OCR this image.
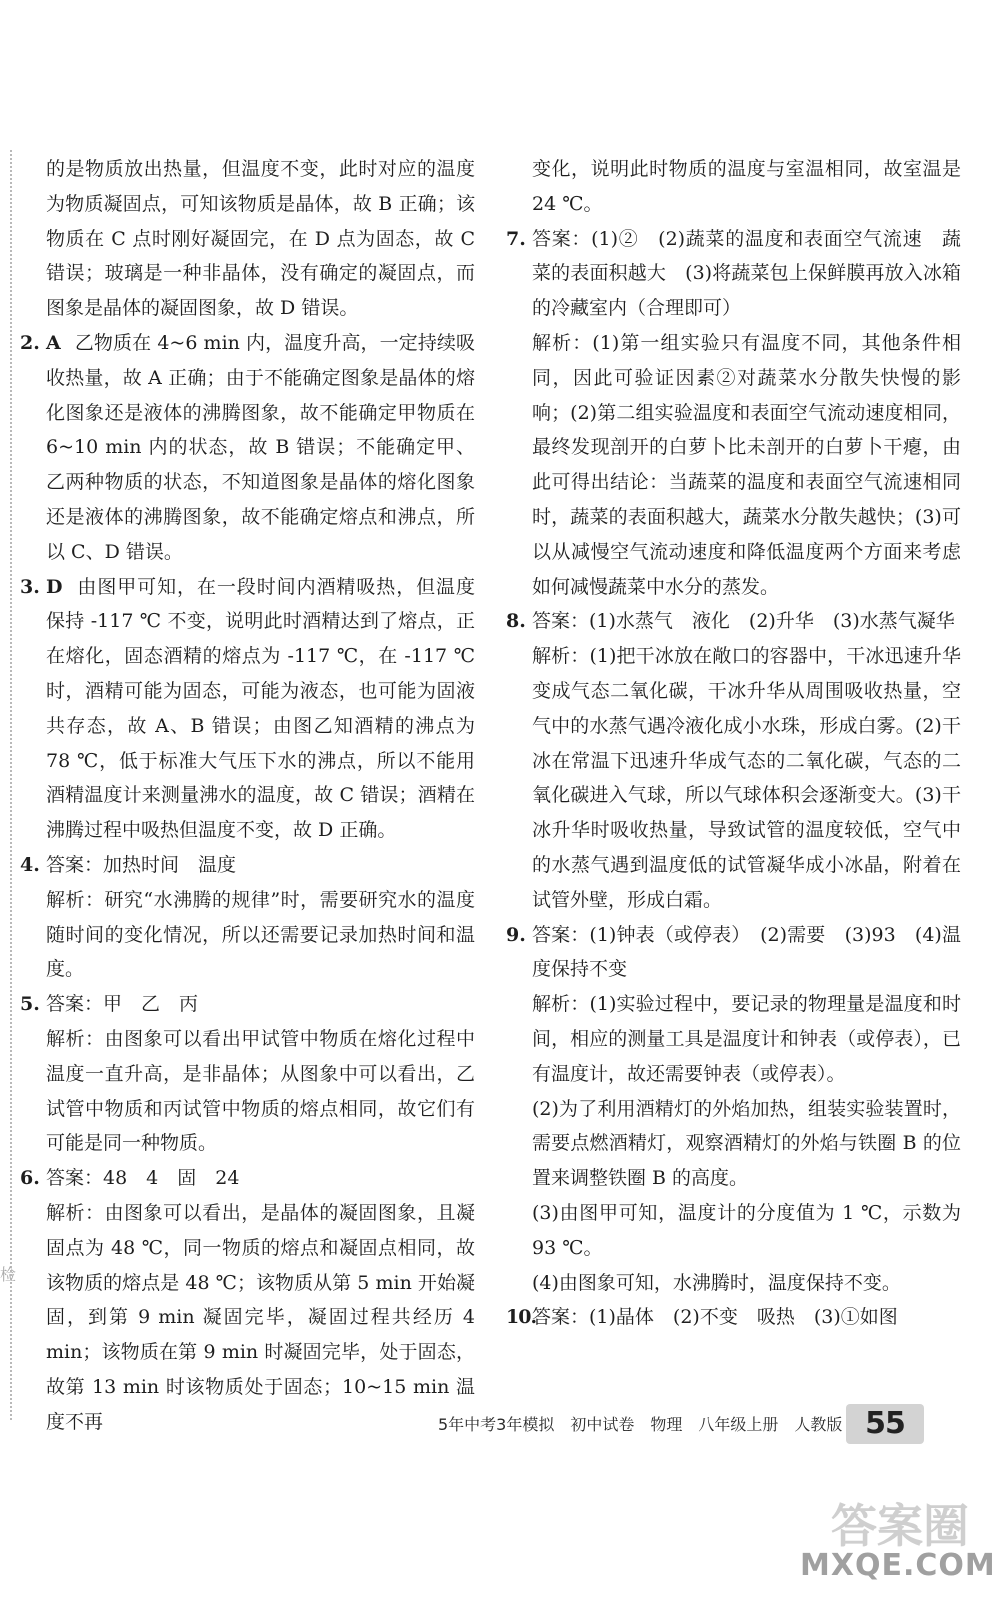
检

的是物质放出热量，但温度不变，此时对应的温度为物质凝固点，可知该物质是晶体，故 B 正确；该物质在 C 点时刚好凝固完，在 D 点为固态，故 C 错误；玻璃是一种非晶体，没有确定的凝固点，而图象是晶体的凝固图象，故 D 错误。

2. A 乙物质在 4~6 min 内，温度升高，一定持续吸收热量，故 A 正确；由于不能确定图象是晶体的熔化图象还是液体的沸腾图象，故不能确定甲物质在 6~10 min 内的状态，故 B 错误；不能确定甲、乙两种物质的状态，不知道图象是晶体的熔化图象还是液体的沸腾图象，故不能确定熔点和沸点，所以 C、D 错误。

3. D 由图甲可知，在一段时间内酒精吸热，但温度保持 -117 ℃ 不变，说明此时酒精达到了熔点，正在熔化，固态酒精的熔点为 -117 ℃，在 -117 ℃ 时，酒精可能为固态，可能为液态，也可能为固液共存态，故 A、B 错误；由图乙知酒精的沸点为 78 ℃，低于标准大气压下水的沸点，所以不能用酒精温度计来测量沸水的温度，故 C 错误；酒精在沸腾过程中吸热但温度不变，故 D 正确。

4. 答案：加热时间　温度

解析：研究“水沸腾的规律”时，需要研究水的温度随时间的变化情况，所以还需要记录加热时间和温度。

5. 答案：甲　乙　丙

解析：由图象可以看出甲试管中物质在熔化过程中温度一直升高，是非晶体；从图象中可以看出，乙试管中物质和丙试管中物质的熔点相同，故它们有可能是同一种物质。

6. 答案：48　4　固　24

解析：由图象可以看出，是晶体的凝固图象，且凝固点为 48 ℃，同一物质的熔点和凝固点相同，故该物质的熔点是 48 ℃；该物质从第 5 min 开始凝固，到第 9 min 凝固完毕，凝固过程共经历 4 min；该物质在第 9 min 时凝固完毕，处于固态，故第 13 min 时该物质处于固态；10~15 min 温度不再

变化，说明此时物质的温度与室温相同，故室温是 24 ℃。

7. 答案：(1)②　(2)蔬菜的温度和表面空气流速　蔬菜的表面积越大　(3)将蔬菜包上保鲜膜再放入冰箱的冷藏室内（合理即可）

解析：(1)第一组实验只有温度不同，其他条件相同，因此可验证因素②对蔬菜水分散失快慢的影响；(2)第二组实验温度和表面空气流动速度相同，最终发现剖开的白萝卜比未剖开的白萝卜干瘪，由此可得出结论：当蔬菜的温度和表面空气流速相同时，蔬菜的表面积越大，蔬菜水分散失越快；(3)可以从减慢空气流动速度和降低温度两个方面来考虑如何减慢蔬菜中水分的蒸发。

8. 答案：(1)水蒸气　液化　(2)升华　(3)水蒸气凝华

解析：(1)把干冰放在敞口的容器中，干冰迅速升华变成气态二氧化碳，干冰升华从周围吸收热量，空气中的水蒸气遇冷液化成小水珠，形成白雾。(2)干冰在常温下迅速升华成气态的二氧化碳，气态的二氧化碳进入气球，所以气球体积会逐渐变大。(3)干冰升华时吸收热量，导致试管的温度较低，空气中的水蒸气遇到温度低的试管凝华成小冰晶，附着在试管外壁，形成白霜。

9. 答案：(1)钟表（或停表）　(2)需要　(3)93　(4)温度保持不变

解析：(1)实验过程中，要记录的物理量是温度和时间，相应的测量工具是温度计和钟表（或停表），已有温度计，故还需要钟表（或停表）。

(2)为了利用酒精灯的外焰加热，组装实验装置时，需要点燃酒精灯，观察酒精灯的外焰与铁圈 B 的位置来调整铁圈 B 的高度。

(3)由图甲可知，温度计的分度值为 1 ℃，示数为 93 ℃。

(4)由图象可知，水沸腾时，温度保持不变。

10.
答案：(1)晶体　(2)不变　吸热　(3)①如图

5年中考3年模拟　初中试卷　物理　八年级上册　人教版 55
答案圈
MXQE.COM
